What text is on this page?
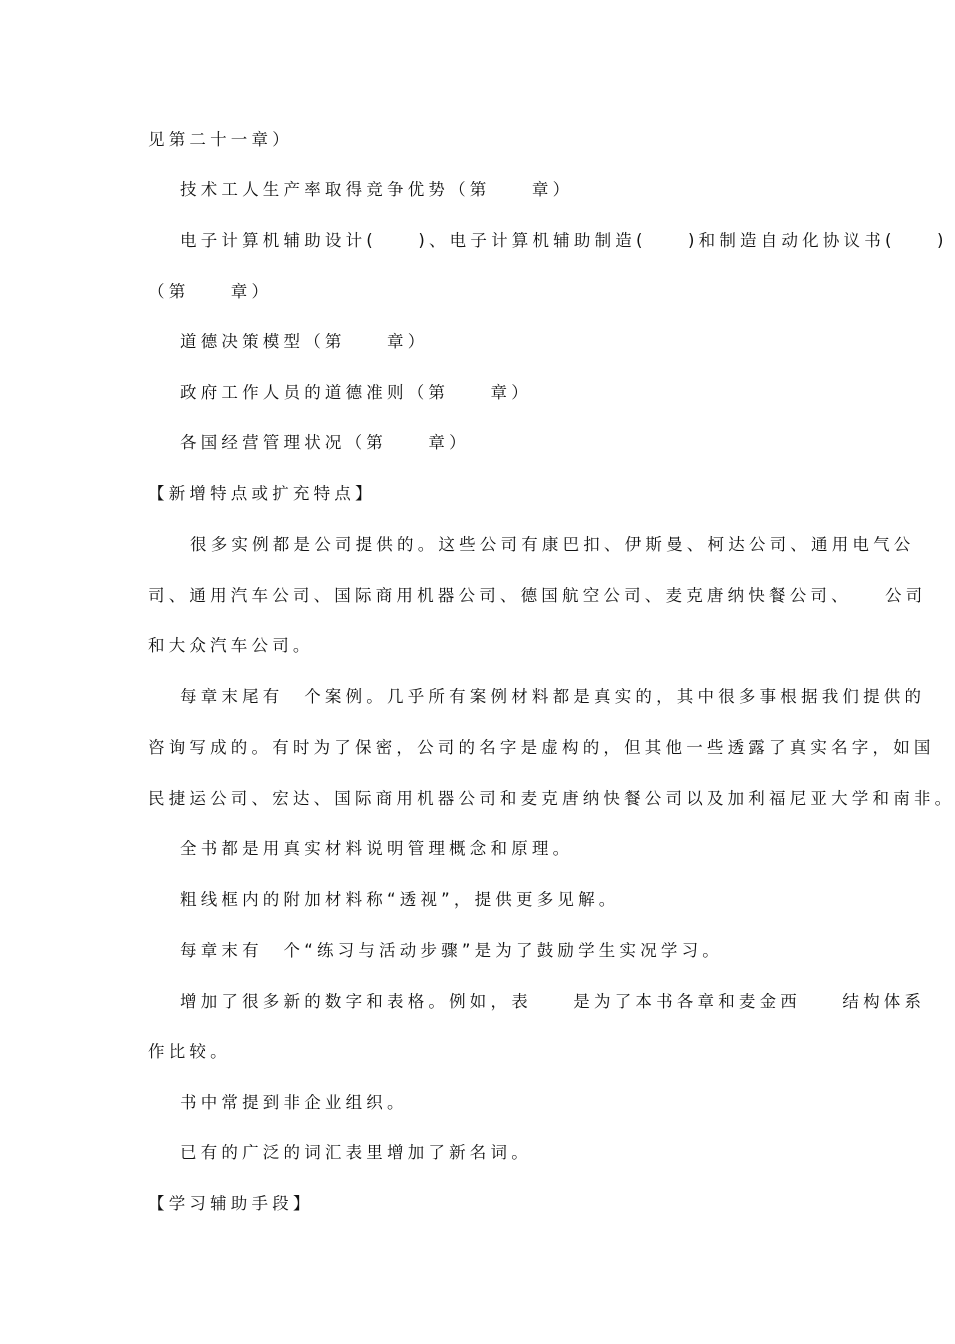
见第二十一章）
技术工人生产率取得竞争优势（第　　章）
电子计算机辅助设计(　　)、电子计算机辅助制造(　　)和制造自动化协议书(　　)
（第　　章）
道德决策模型（第　　章）
政府工作人员的道德准则（第　　章）
各国经营管理状况（第　　章）
【新增特点或扩充特点】
很多实例都是公司提供的。这些公司有康巴扣、伊斯曼、柯达公司、通用电气公
司、通用汽车公司、国际商用机器公司、德国航空公司、麦克唐纳快餐公司、　　公司
和大众汽车公司。
每章末尾有　个案例。几乎所有案例材料都是真实的，其中很多事根据我们提供的
咨询写成的。有时为了保密，公司的名字是虚构的，但其他一些透露了真实名字，如国
民捷运公司、宏达、国际商用机器公司和麦克唐纳快餐公司以及加利福尼亚大学和南非。
全书都是用真实材料说明管理概念和原理。
粗线框内的附加材料称“透视”，提供更多见解。
每章末有　个“练习与活动步骤”是为了鼓励学生实况学习。
增加了很多新的数字和表格。例如，表　　是为了本书各章和麦金西　　结构体系
作比较。
书中常提到非企业组织。
已有的广泛的词汇表里增加了新名词。
【学习辅助手段】
